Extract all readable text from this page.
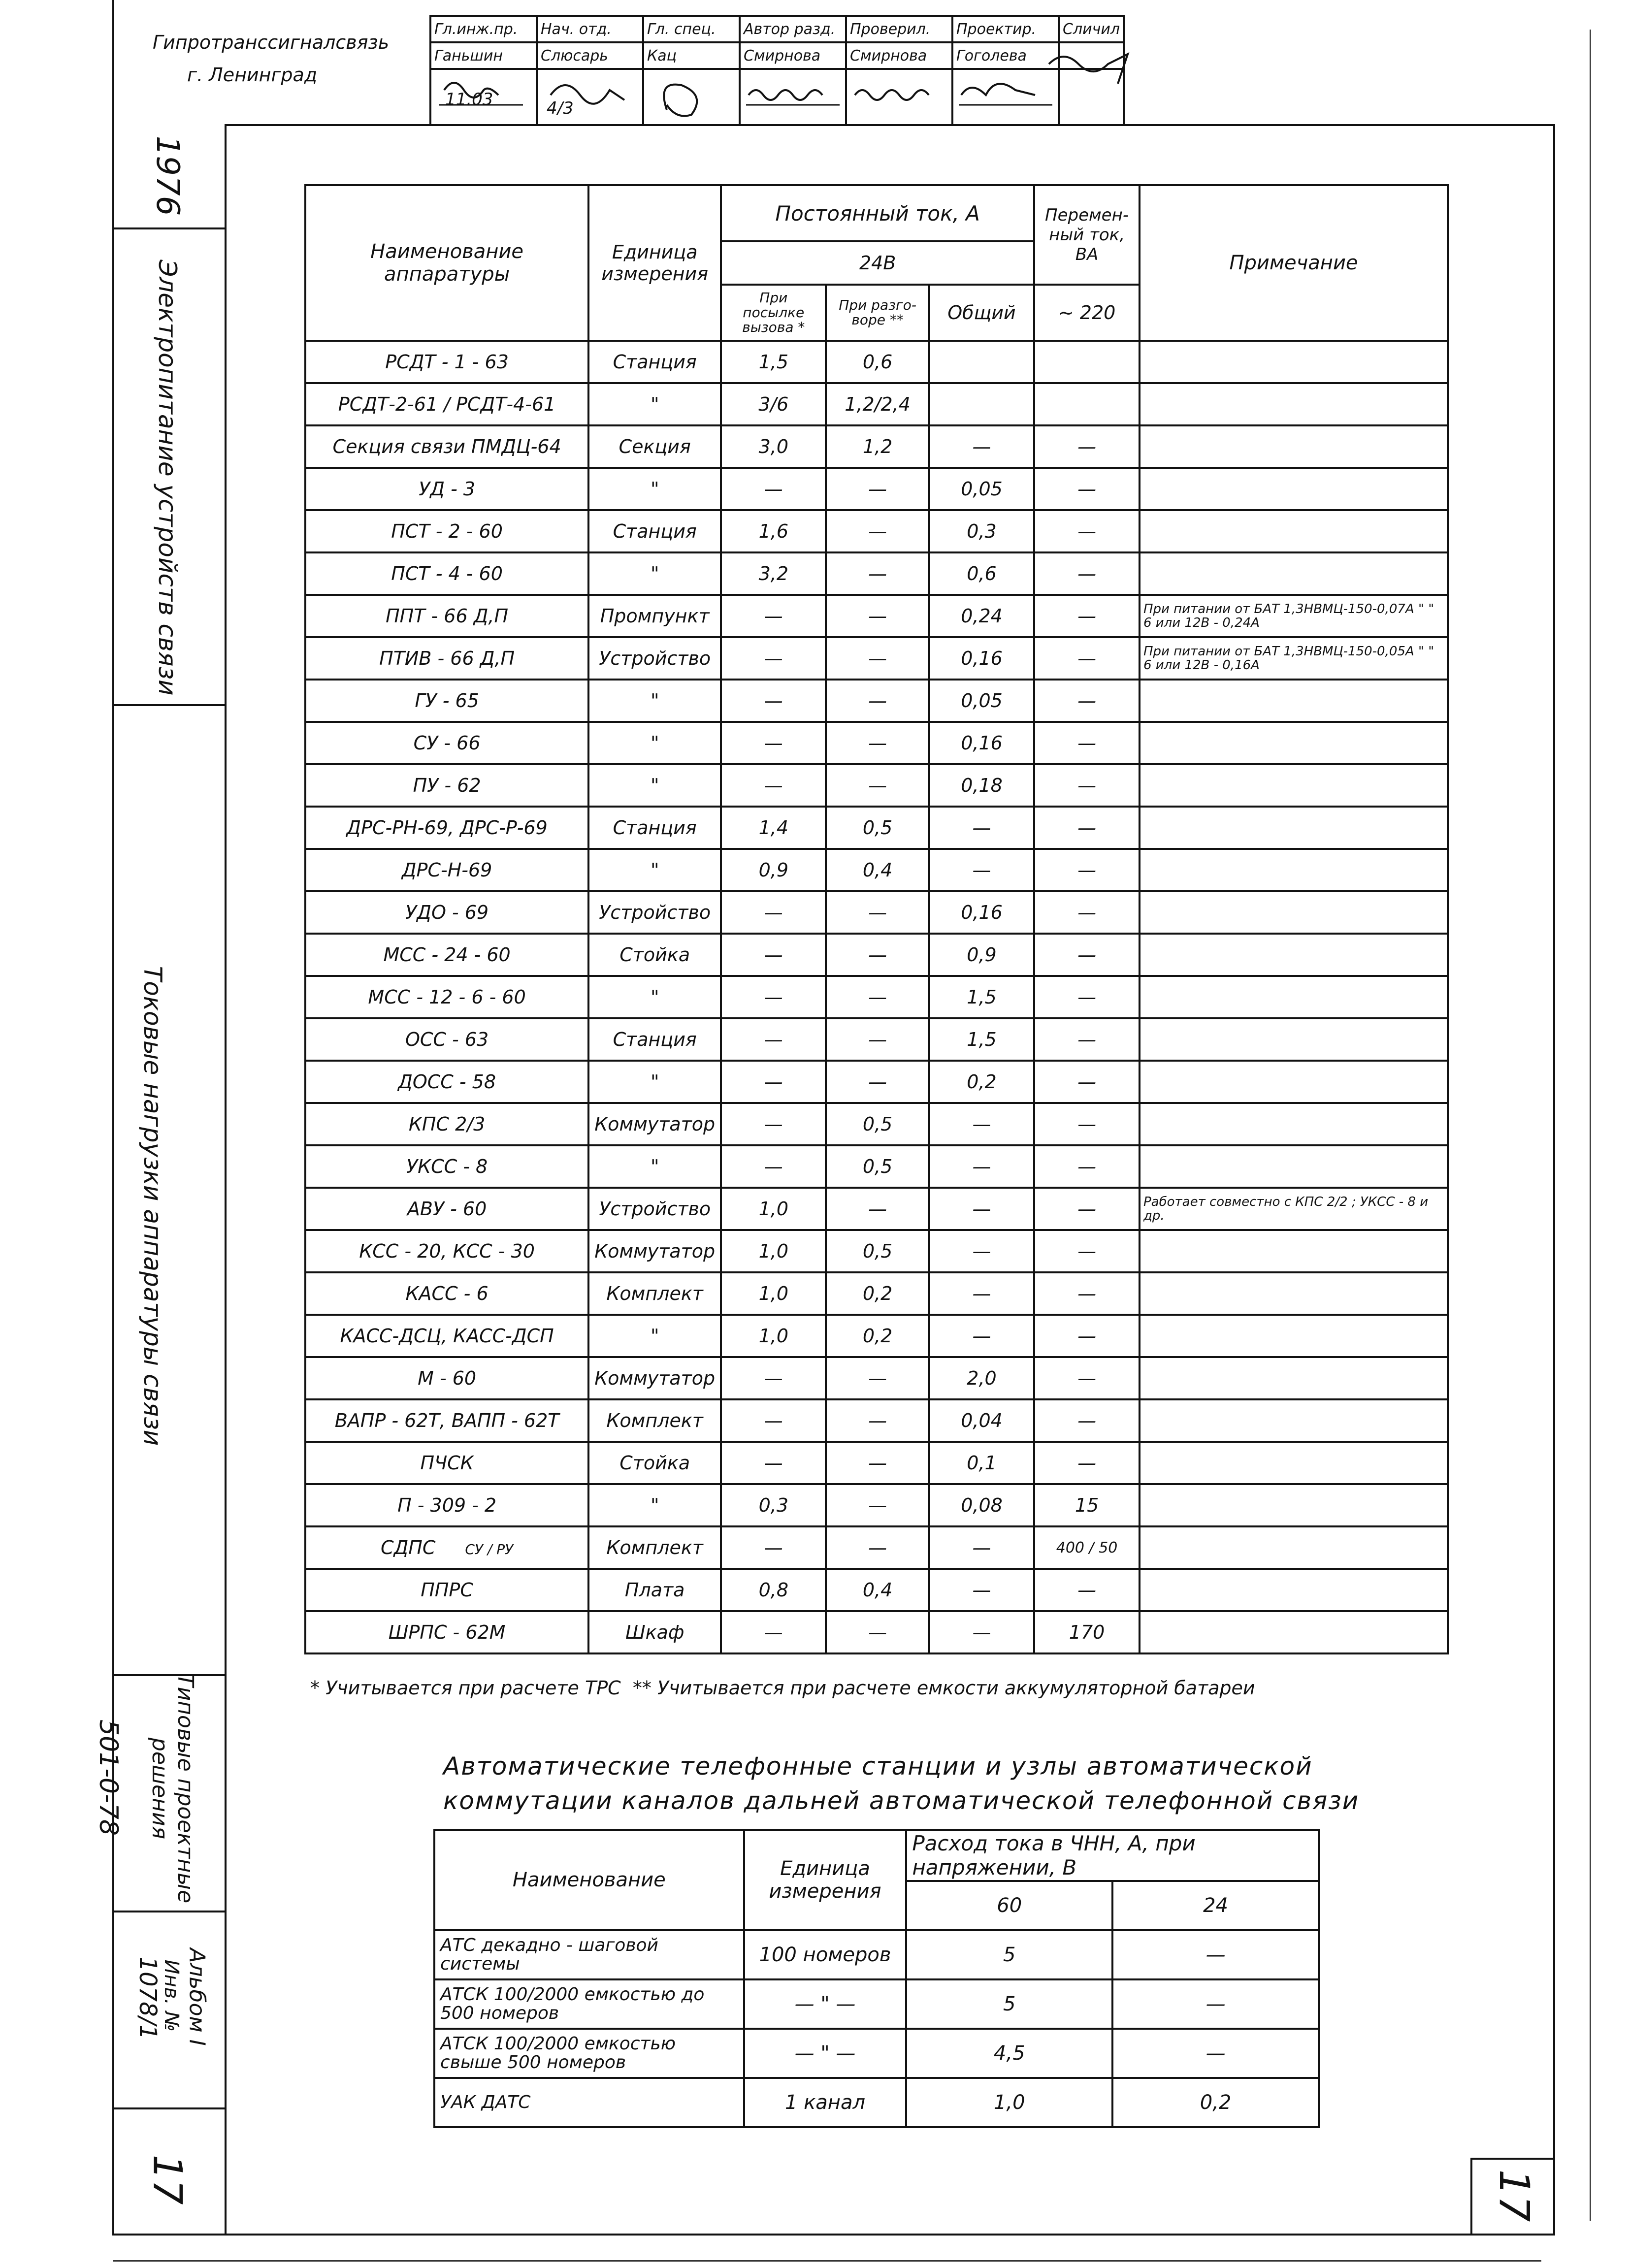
Гипротранссигналсвязь
г. Ленинград
Гл.инж.пр.	Нач. отд.	Гл. спец.	Автор разд.	Проверил.	Проектир.	Сличил
Ганьшин	Слюсарь	Кац	Смирнова	Смирнова	Гоголева	

11.03
							4/3
1976
Электропитание устройств связи
Токовые нагрузки аппаратуры связи
Типовые проектные решения
501-0-78
Альбом I
Инв. №
1078/1
17
Наименование аппаратуры	Единица измерения	Постоянный ток, А			Перемен-ный ток, ВА	Примечание
		24В				
		При посылке вызова *	При разго-воре **	Общий	~ 220	
РСДТ - 1 - 63	Станция	1,5	0,6			
РСДТ-2-61 / РСДТ-4-61	"	3/6	1,2/2,4			
Секция связи ПМДЦ-64	Секция	3,0	1,2	—	—	
УД - 3	"	—	—	0,05	—	
ПСТ - 2 - 60	Станция	1,6	—	0,3	—	
ПСТ - 4 - 60	"	3,2	—	0,6	—	
ППТ - 66 Д,П	Промпункт	—	—	0,24	—	При питании от БАТ 1,3НВМЦ-150-0,07А " " 6 или 12В - 0,24А
ПТИВ - 66 Д,П	Устройство	—	—	0,16	—	При питании от БАТ 1,3НВМЦ-150-0,05А " " 6 или 12В - 0,16А
ГУ - 65	"	—	—	0,05	—	
СУ - 66	"	—	—	0,16	—	
ПУ - 62	"	—	—	0,18	—	
ДРС-РН-69, ДРС-Р-69	Станция	1,4	0,5	—	—	
ДРС-Н-69	"	0,9	0,4	—	—	
УДО - 69	Устройство	—	—	0,16	—	
МСС - 24 - 60	Стойка	—	—	0,9	—	
МСС - 12 - 6 - 60	"	—	—	1,5	—	
ОСС - 63	Станция	—	—	1,5	—	
ДОСС - 58	"	—	—	0,2	—	
КПС 2/3	Коммутатор	—	0,5	—	—	
УКСС - 8	"	—	0,5	—	—	
АВУ - 60	Устройство	1,0	—	—	—	Работает совместно с КПС 2/2 ; УКСС - 8 и др.
КСС - 20, КСС - 30	Коммутатор	1,0	0,5	—	—	
КАСС - 6	Комплект	1,0	0,2	—	—	
КАСС-ДСЦ, КАСС-ДСП	"	1,0	0,2	—	—	
М - 60	Коммутатор	—	—	2,0	—	
ВАПР - 62Т, ВАПП - 62Т	Комплект	—	—	0,04	—	
ПЧСК	Стойка	—	—	0,1	—	
П - 309 - 2	"	0,3	—	0,08	15	
СДПС СУ / РУ	Комплект	—	—	—	400 / 50	
ППРС	Плата	0,8	0,4	—	—	
ШРПС - 62М	Шкаф	—	—	—	170	
* Учитывается при расчете ТРС  ** Учитывается при расчете емкости аккумуляторной батареи
Автоматические телефонные станции и узлы автоматической
коммутации каналов дальней автоматической телефонной связи
Наименование	Единица измерения	Расход тока в ЧНН, А, при напряжении, В	
		60	24
АТС декадно - шаговой системы	100 номеров	5	—
АТСК 100/2000 емкостью до 500 номеров	— " —	5	—
АТСК 100/2000 емкостью свыше 500 номеров	— " —	4,5	—
УАК ДАТС	1 канал	1,0	0,2
17
